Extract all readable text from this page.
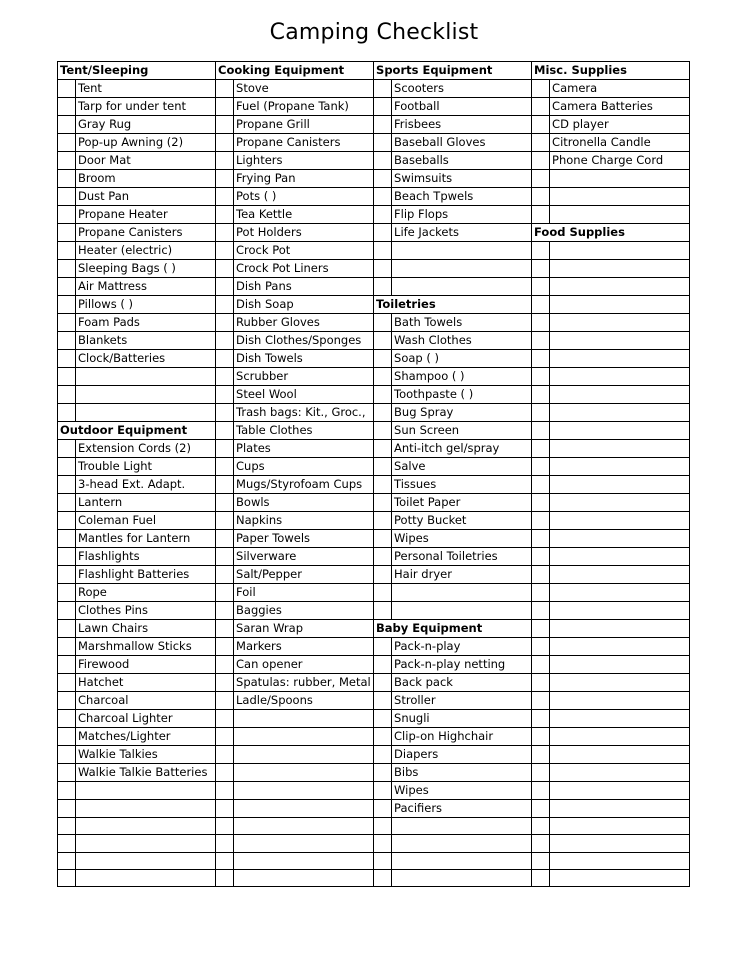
Camping Checklist
Tent/Sleeping		Cooking Equipment		Sports Equipment		Misc. Supplies	
	Tent		Stove		Scooters		Camera
	Tarp for under tent		Fuel (Propane Tank)		Football		Camera Batteries
	Gray Rug		Propane Grill		Frisbees		CD player
	Pop-up Awning (2)		Propane Canisters		Baseball Gloves		Citronella Candle
	Door Mat		Lighters		Baseballs		Phone Charge Cord
	Broom		Frying Pan		Swimsuits		
	Dust Pan		Pots ( )		Beach Tpwels		
	Propane Heater		Tea Kettle		Flip Flops		
	Propane Canisters		Pot Holders		Life Jackets	Food Supplies	
	Heater (electric)		Crock Pot				
	Sleeping Bags ( )		Crock Pot Liners				
	Air Mattress		Dish Pans				
	Pillows ( )		Dish Soap	Toiletries			
	Foam Pads		Rubber Gloves		Bath Towels		
	Blankets		Dish Clothes/Sponges		Wash Clothes		
	Clock/Batteries		Dish Towels		Soap ( )		
			Scrubber		Shampoo ( )		
			Steel Wool		Toothpaste ( )		
			Trash bags: Kit., Groc.,		Bug Spray		
Outdoor Equipment			Table Clothes		Sun Screen		
	Extension Cords (2)		Plates		Anti-itch gel/spray		
	Trouble Light		Cups		Salve		
	3-head Ext. Adapt.		Mugs/Styrofoam Cups		Tissues		
	Lantern		Bowls		Toilet Paper		
	Coleman Fuel		Napkins		Potty Bucket		
	Mantles for Lantern		Paper Towels		Wipes		
	Flashlights		Silverware		Personal Toiletries		
	Flashlight Batteries		Salt/Pepper		Hair dryer		
	Rope		Foil				
	Clothes Pins		Baggies				
	Lawn Chairs		Saran Wrap	Baby Equipment			
	Marshmallow Sticks		Markers		Pack-n-play		
	Firewood		Can opener		Pack-n-play netting		
	Hatchet		Spatulas: rubber, Metal		Back pack		
	Charcoal		Ladle/Spoons		Stroller		
	Charcoal Lighter				Snugli		
	Matches/Lighter				Clip-on Highchair		
	Walkie Talkies				Diapers		
	Walkie Talkie Batteries				Bibs		
					Wipes		
					Pacifiers		
